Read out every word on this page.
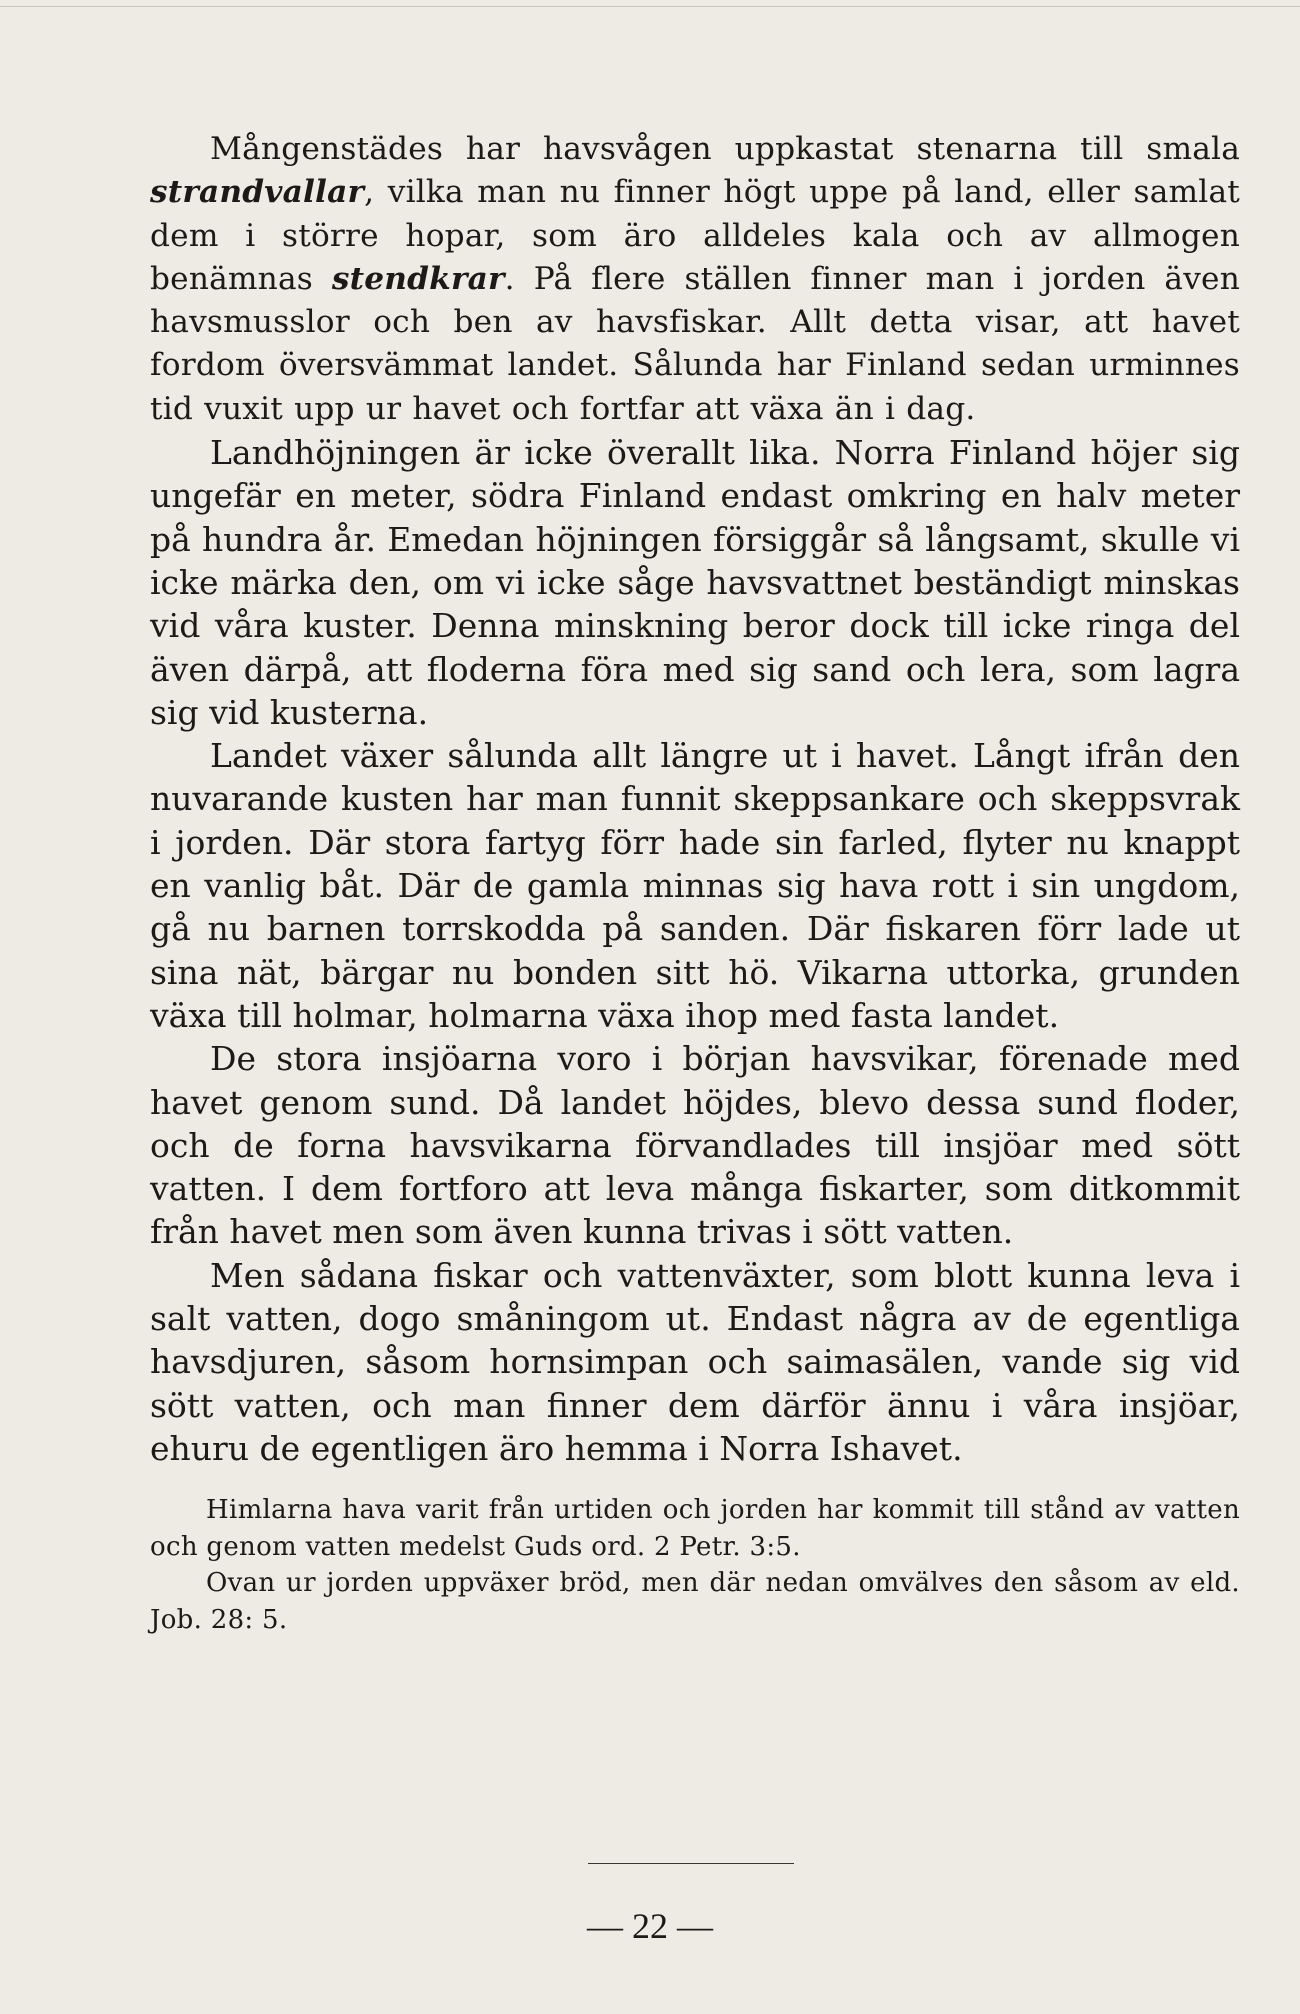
Mångenstädes har havsvågen uppkastat stenarna till smala strandvallar, vilka man nu finner högt uppe på land, eller samlat dem i större hopar, som äro alldeles kala och av allmogen benämnas stendkrar. På flere ställen finner man i jorden även havsmusslor och ben av havsfiskar. Allt detta visar, att havet fordom översvämmat landet. Sålunda har Finland sedan urminnes tid vuxit upp ur havet och fortfar att växa än i dag.

Landhöjningen är icke överallt lika. Norra Finland höjer sig ungefär en meter, södra Finland endast omkring en halv meter på hundra år. Emedan höjningen försiggår så långsamt, skulle vi icke märka den, om vi icke såge havsvattnet beständigt minskas vid våra kuster. Denna minskning beror dock till icke ringa del även därpå, att floderna föra med sig sand och lera, som lagra sig vid kusterna.

Landet växer sålunda allt längre ut i havet. Långt ifrån den nuvarande kusten har man funnit skeppsankare och skeppsvrak i jorden. Där stora fartyg förr hade sin farled, flyter nu knappt en vanlig båt. Där de gamla minnas sig hava rott i sin ungdom, gå nu barnen torrskodda på sanden. Där fiskaren förr lade ut sina nät, bärgar nu bonden sitt hö. Vikarna uttorka, grunden växa till holmar, holmarna växa ihop med fasta landet.

De stora insjöarna voro i början havsvikar, förenade med havet genom sund. Då landet höjdes, blevo dessa sund floder, och de forna havsvikarna förvandlades till insjöar med sött vatten. I dem fortforo att leva många fiskarter, som ditkommit från havet men som även kunna trivas i sött vatten.

Men sådana fiskar och vattenväxter, som blott kunna leva i salt vatten, dogo småningom ut. Endast några av de egentliga havsdjuren, såsom hornsimpan och saimasälen, vande sig vid sött vatten, och man finner dem därför ännu i våra insjöar, ehuru de egentligen äro hemma i Norra Ishavet.

Himlarna hava varit från urtiden och jorden har kommit till stånd av vatten och genom vatten medelst Guds ord. 2 Petr. 3:5.

Ovan ur jorden uppväxer bröd, men där nedan omvälves den såsom av eld. Job. 28: 5.

— 22 —
